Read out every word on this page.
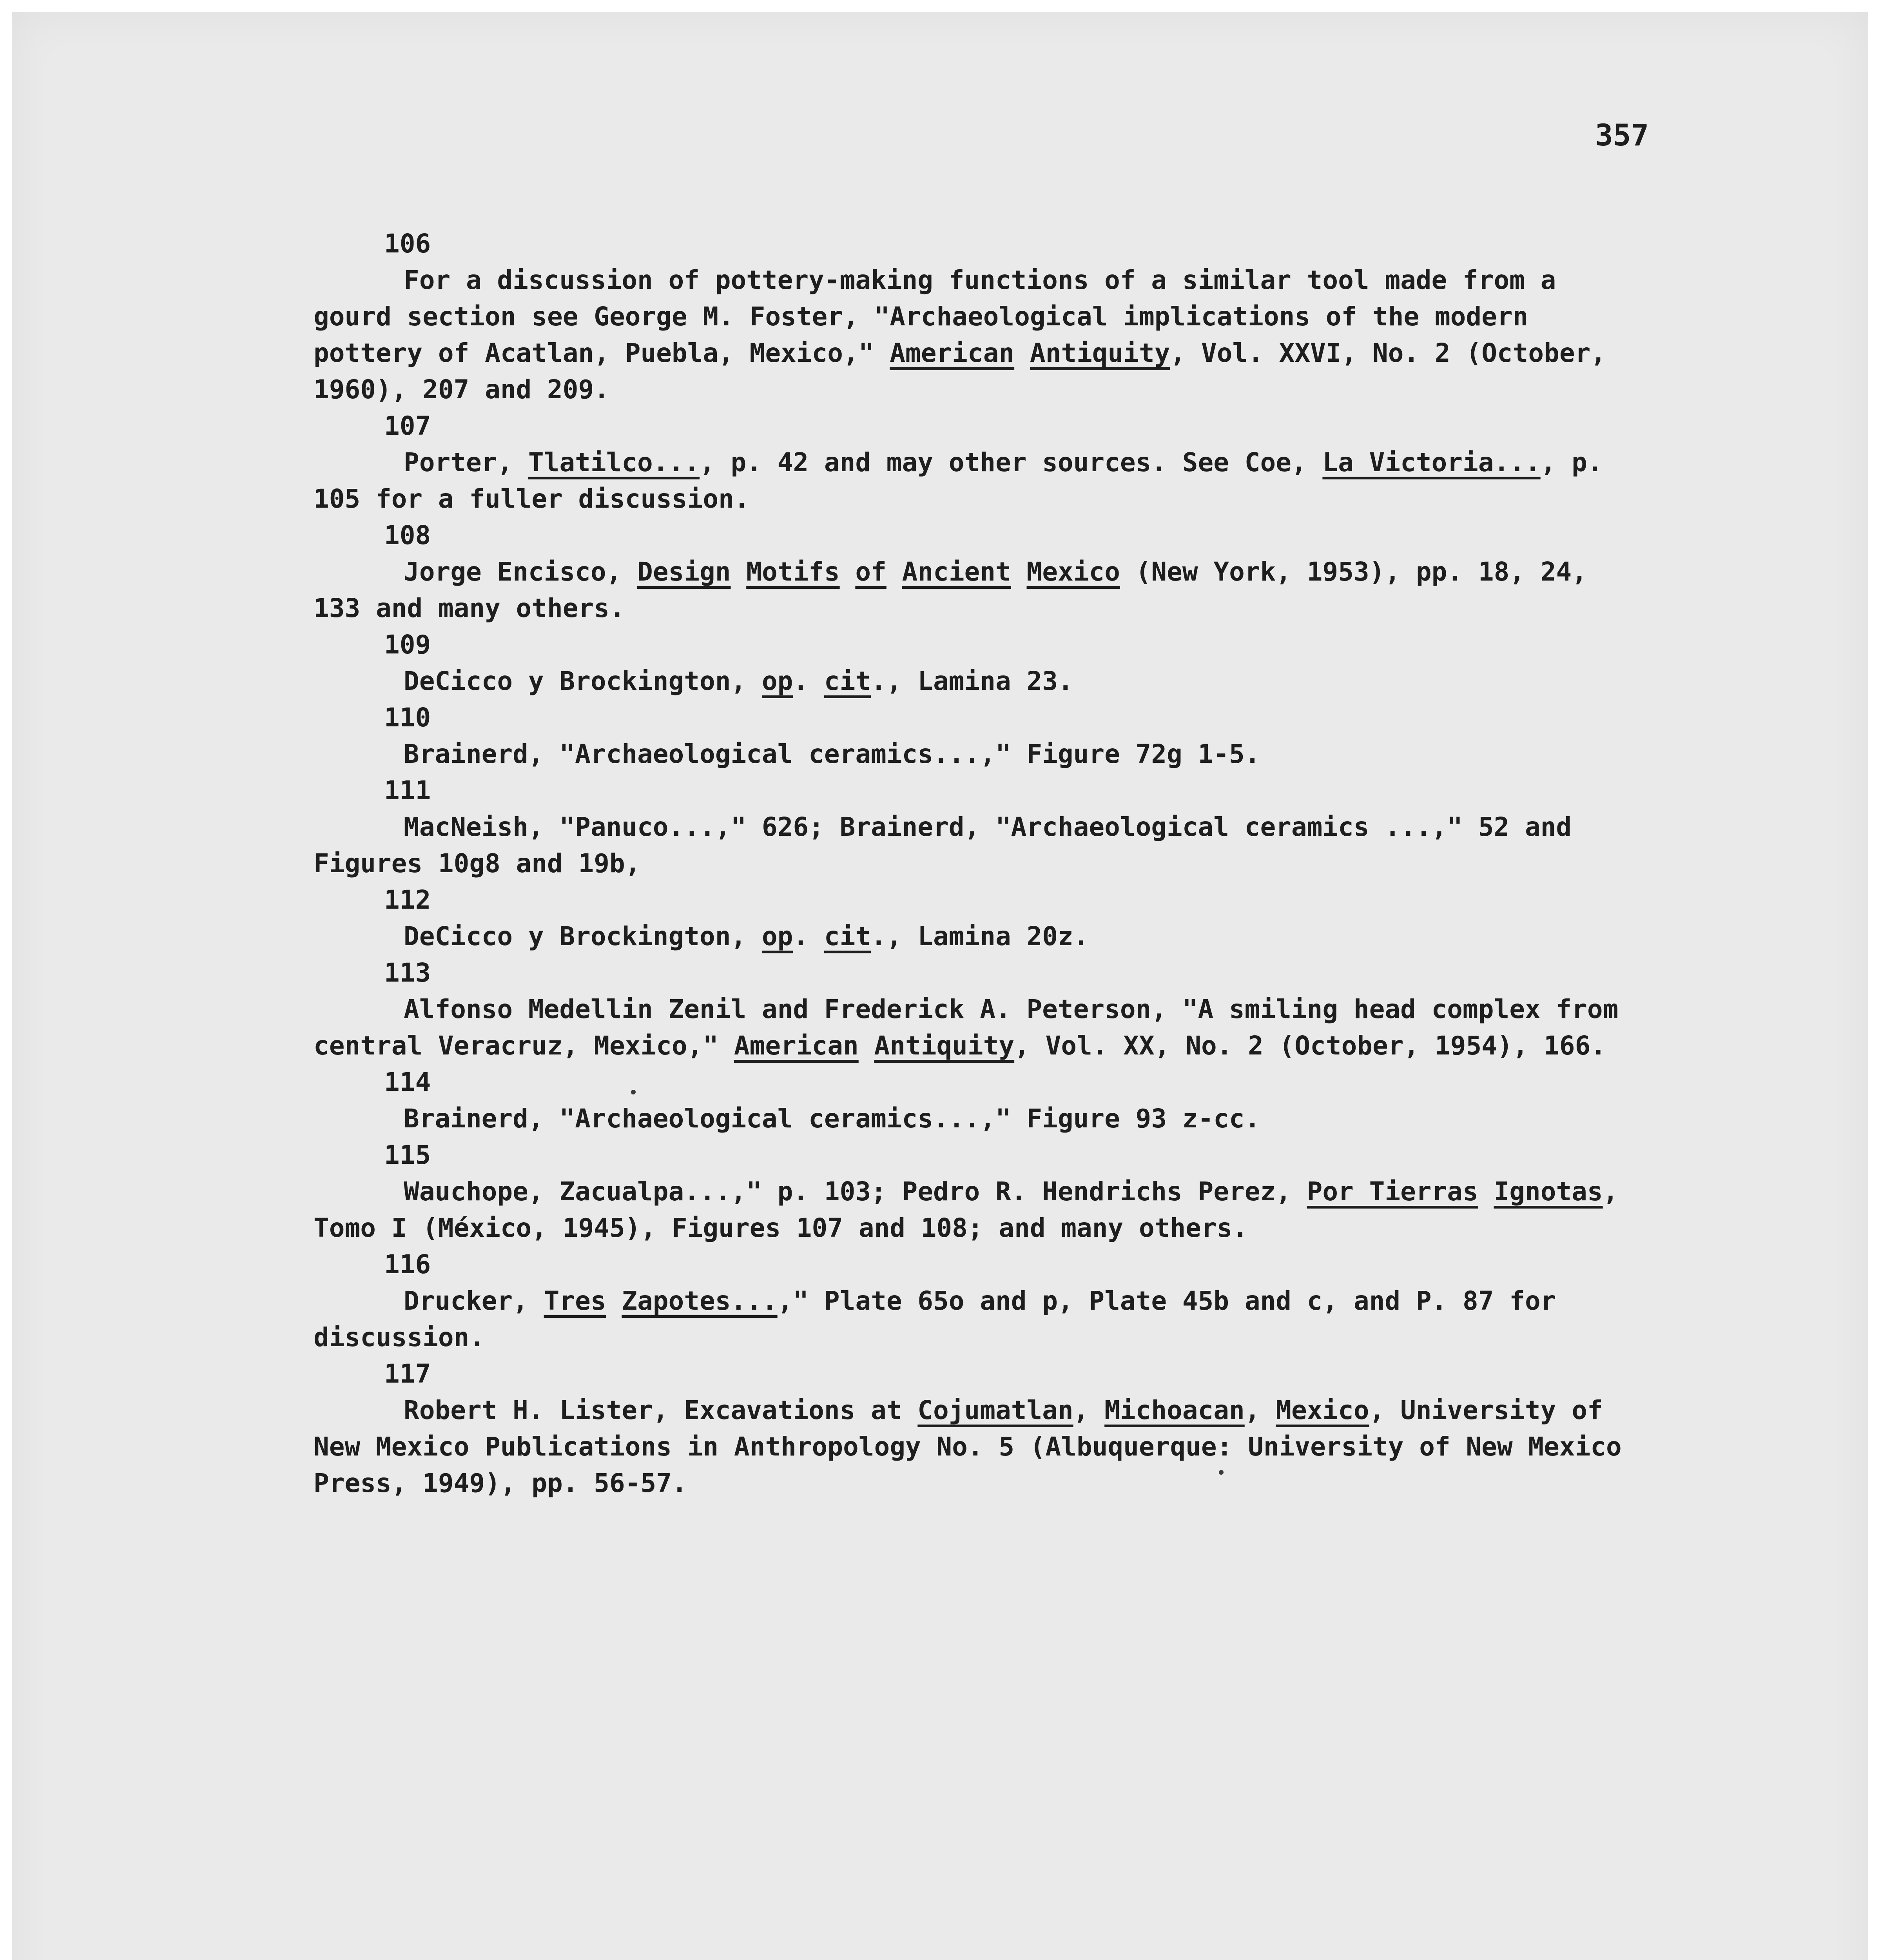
357

106

For a discussion of pottery-making functions of a similar tool made from a gourd section see George M. Foster, "Archaeological implications of the modern pottery of Acatlan, Puebla, Mexico," American Antiquity, Vol. XXVI, No. 2 (October, 1960), 207 and 209.

107

Porter, Tlatilco..., p. 42 and may other sources. See Coe, La Victoria..., p. 105 for a fuller discussion.

108

Jorge Encisco, Design Motifs of Ancient Mexico (New York, 1953), pp. 18, 24, 133 and many others.

109

DeCicco y Brockington, op. cit., Lamina 23.

110

Brainerd, "Archaeological ceramics...," Figure 72g 1-5.

111

MacNeish, "Panuco...," 626; Brainerd, "Archaeological ceramics ...," 52 and Figures 10g8 and 19b,

112

DeCicco y Brockington, op. cit., Lamina 20z.

113

Alfonso Medellin Zenil and Frederick A. Peterson, "A smiling head complex from central Veracruz, Mexico," American Antiquity, Vol. XX, No. 2 (October, 1954), 166.

114

Brainerd, "Archaeological ceramics...," Figure 93 z-cc.

115

Wauchope, Zacualpa...," p. 103; Pedro R. Hendrichs Perez, Por Tierras Ignotas, Tomo I (México, 1945), Figures 107 and 108; and many others.

116

Drucker, Tres Zapotes...," Plate 65o and p, Plate 45b and c, and P. 87 for discussion.

117

Robert H. Lister, Excavations at Cojumatlan, Michoacan, Mexico, University of New Mexico Publications in Anthropology No. 5 (Albuquerque: University of New Mexico Press, 1949), pp. 56-57.
